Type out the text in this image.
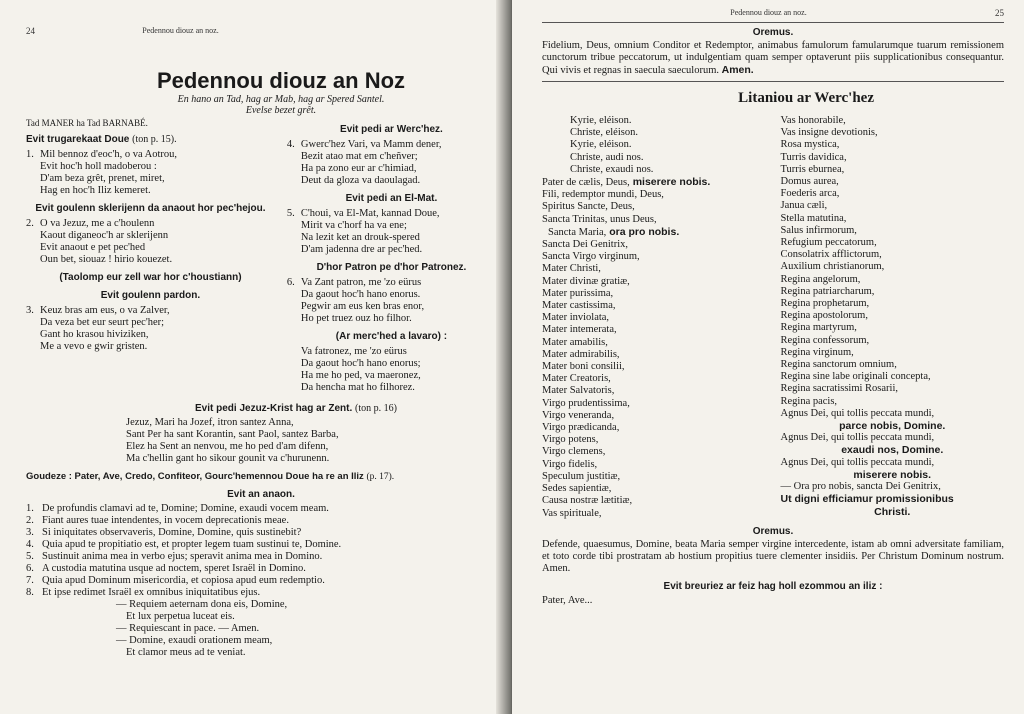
24	Pedennou diouz an noz.
Pedennou diouz an Noz
En hano an Tad, hag ar Mab, hag ar Spered Santel.
Evelse bezet grêt.
Tad MANER ha Tad BARNABÉ.
Evit trugarekaat Doue (ton p. 15).
1. Mil bennoz d'eoc'h, o va Aotrou,
Evit hoc'h holl madoberou :
D'am beza grêt, prenet, miret,
Hag en hoc'h Iliz kemeret.
Evit goulenn sklerijenn da anaout hor pec'hejou.
2. O va Jezuz, me a c'houlenn
Kaout diganeoc'h ar sklerijenn
Evit anaout e pet pec'hed
Oun bet, siouaz ! hirio kouezet.
(Taolomp eur zell war hor c'houstiann)
Evit goulenn pardon.
3. Keuz bras am eus, o va Zalver,
Da veza bet eur seurt pec'her;
Gant ho krasou hiviziken,
Me a vevo e gwir gristen.
Evit pedi ar Werc'hez.
4. Gwerc'hez Vari, va Mamm dener,
Bezit atao mat em c'heñver;
Ha pa zono eur ar c'himiad,
Deut da gloza va daoulagad.
Evit pedi an El-Mat.
5. C'houi, va El-Mat, kannad Doue,
Mirit va c'horf ha va ene;
Na lezit ket an drouk-spered
D'am jadenna dre ar pec'hed.
D'hor Patron pe d'hor Patronez.
6. Va Zant patron, me 'zo eürus
Da gaout hoc'h hano enorus.
Pegwir am eus ken bras enor,
Ho pet truez ouz ho filhor.
(Ar merc'hed a lavaro) :
Va fatronez, me 'zo eürus
Da gaout hoc'h hano enorus;
Ha me ho ped, va maeronez,
Da hencha mat ho filhorez.
Evit pedi Jezuz-Krist hag ar Zent. (ton p. 16)
Jezuz, Mari ha Jozef, itron santez Anna,
Sant Per ha sant Korantin, sant Paol, santez Barba,
Elez ha Sent an nenvou, me ho ped d'am difenn,
Ma c'hellin gant ho sikour gounit va c'hurunenn.
Goudeze : Pater, Ave, Credo, Confiteor, Gourc'hemennou Doue ha re an Iliz (p. 17).
Evit an anaon.
1. De profundis clamavi ad te, Domine; Domine, exaudi vocem meam.
2. Fiant aures tuae intendentes, in vocem deprecationis meae.
3. Si iniquitates observaveris, Domine, Domine, quis sustinebit?
4. Quia apud te propitiatio est, et propter legem tuam sustinui te, Domine.
5. Sustinuit anima mea in verbo ejus; speravit anima mea in Domino.
6. A custodia matutina usque ad noctem, speret Israël in Domino.
7. Quia apud Dominum misericordia, et copiosa apud eum redemptio.
8. Et ipse redimet Israël ex omnibus iniquitatibus ejus.
— Requiem aeternam dona eis, Domine,
Et lux perpetua luceat eis.
— Requiescant in pace. — Amen.
— Domine, exaudi orationem meam,
Et clamor meus ad te veniat.
Pedennou diouz an noz.	25
Oremus.
Fidelium, Deus, omnium Conditor et Redemptor, animabus famulorum famularumque tuarum remissionem cunctorum tribue peccatorum, ut indulgentiam quam semper optaverunt piis supplicationibus consequantur. Qui vivis et regnas in saecula saeculorum. Amen.
Litaniou ar Werc'hez
Kyrie, eléison.
Christe, eléison.
Kyrie, eléison.
Christe, audi nos.
Christe, exaudi nos.
Pater de cælis, Deus, miserere nobis.
Fili, redemptor mundi, Deus,
Spiritus Sancte, Deus,
Sancta Trinitas, unus Deus,
Sancta Maria, ora pro nobis.
Sancta Dei Genitrix,
Sancta Virgo virginum,
Mater Christi,
Mater divinæ gratiæ,
Mater purissima,
Mater castissima,
Mater inviolata,
Mater intemerata,
Mater amabilis,
Mater admirabilis,
Mater boni consilii,
Mater Creatoris,
Mater Salvatoris,
Virgo prudentissima,
Virgo veneranda,
Virgo prædicanda,
Virgo potens,
Virgo clemens,
Virgo fidelis,
Speculum justitiæ,
Sedes sapientiæ,
Causa nostræ lætitiæ,
Vas spirituale,
Vas honorabile,
Vas insigne devotionis,
Rosa mystica,
Turris davidica,
Turris eburnea,
Domus aurea,
Foederis arca,
Janua cæli,
Stella matutina,
Salus infirmorum,
Refugium peccatorum,
Consolatrix afflictorum,
Auxilium christianorum,
Regina angelorum,
Regina patriarcharum,
Regina prophetarum,
Regina apostolorum,
Regina martyrum,
Regina confessorum,
Regina virginum,
Regina sanctorum omnium,
Regina sine labe originali concepta,
Regina sacratissimi Rosarii,
Regina pacis,
Agnus Dei, qui tollis peccata mundi,
parce nobis, Domine.
Agnus Dei, qui tollis peccata mundi,
exaudi nos, Domine.
Agnus Dei, qui tollis peccata mundi,
miserere nobis.
— Ora pro nobis, sancta Dei Genitrix,
Ut digni efficiamur promissionibus
Christi.
Oremus.
Defende, quaesumus, Domine, beata Maria semper virgine intercedente, istam ab omni adversitate familiam, et toto corde tibi prostratam ab hostium propitius tuere clementer insidiis. Per Christum Dominum nostrum. Amen.
Evit breuriez ar feiz hag holl ezommou an iliz :
Pater, Ave...
